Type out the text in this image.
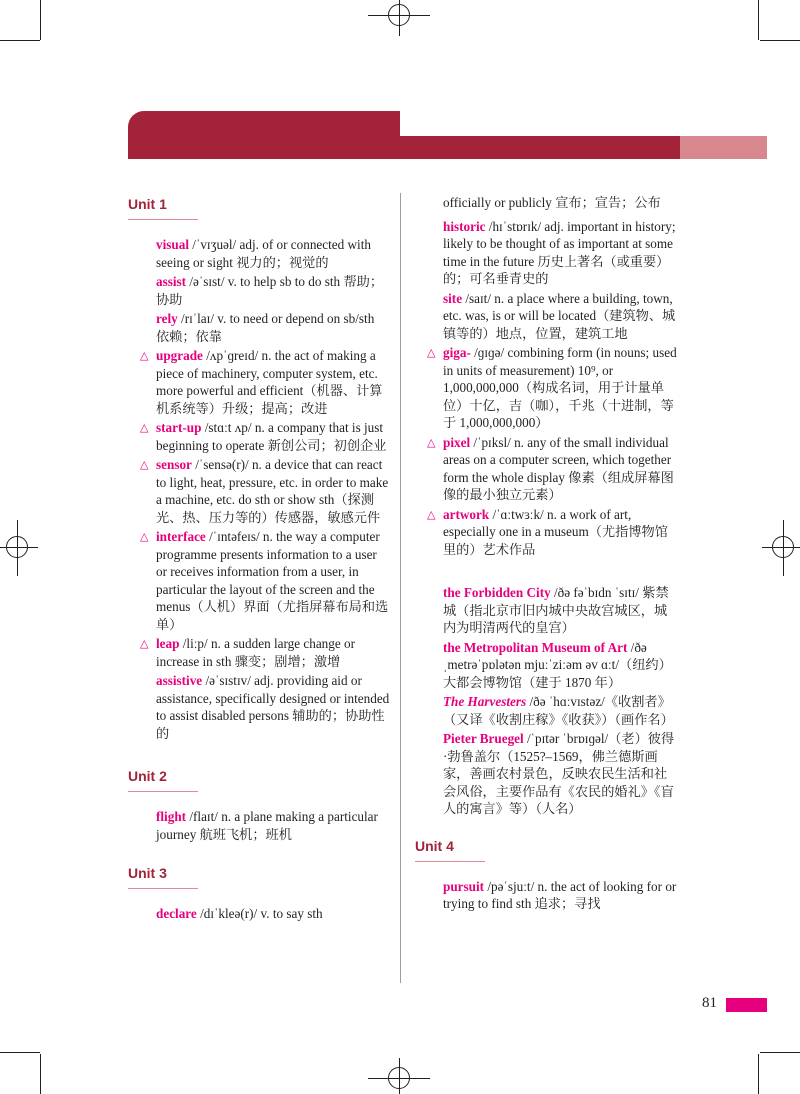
Unit 1
visual /ˈvɪʒuəl/ adj. of or connected with seeing or sight 视力的；视觉的
assist /əˈsɪst/ v. to help sb to do sth 帮助；协助
rely /rɪˈlaɪ/ v. to need or depend on sb/sth 依赖；依靠
△ upgrade /ʌpˈɡreɪd/ n. the act of making a piece of machinery, computer system, etc. more powerful and efficient（机器、计算机系统等）升级；提高；改进
△ start-up /stɑːt ʌp/ n. a company that is just beginning to operate 新创公司；初创企业
△ sensor /ˈsensə(r)/ n. a device that can react to light, heat, pressure, etc. in order to make a machine, etc. do sth or show sth（探测光、热、压力等的）传感器，敏感元件
△ interface /ˈɪntəfeɪs/ n. the way a computer programme presents information to a user or receives information from a user, in particular the layout of the screen and the menus（人机）界面（尤指屏幕布局和选单）
△ leap /liːp/ n. a sudden large change or increase in sth 骤变；剧增；激增
assistive /əˈsɪstɪv/ adj. providing aid or assistance, specifically designed or intended to assist disabled persons 辅助的；协助性的
Unit 2
flight /flaɪt/ n. a plane making a particular journey 航班飞机；班机
Unit 3
declare /dɪˈkleə(r)/ v. to say sth
officially or publicly 宣布；宣告；公布
historic /hɪˈstɒrɪk/ adj. important in history; likely to be thought of as important at some time in the future 历史上著名（或重要）的；可名垂青史的
site /saɪt/ n. a place where a building, town, etc. was, is or will be located（建筑物、城镇等的）地点，位置，建筑工地
△ giga- /ɡɪɡə/ combining form (in nouns; used in units of measurement) 10⁹, or 1,000,000,000（构成名词，用于计量单位）十亿，吉（咖），千兆（十进制，等于 1,000,000,000）
△ pixel /ˈpɪksl/ n. any of the small individual areas on a computer screen, which together form the whole display 像素（组成屏幕图像的最小独立元素）
△ artwork /ˈɑːtwɜːk/ n. a work of art, especially one in a museum（尤指博物馆里的）艺术作品
the Forbidden City /ðə fəˈbɪdn ˈsɪtɪ/ 紫禁城（指北京市旧内城中央故宫城区，城内为明清两代的皇宫）
the Metropolitan Museum of Art /ðə ˌmetrəˈpɒlətən mjuːˈziːəm əv ɑːt/（纽约）大都会博物馆（建于 1870 年）
The Harvesters /ðə ˈhɑːvɪstəz/《收割者》（又译《收割庄稼》《收获》）（画作名）
Pieter Bruegel /ˈpɪtər ˈbrɒɪɡəl/（老）彼得·勃鲁盖尔（1525?–1569，佛兰德斯画家，善画农村景色，反映农民生活和社会风俗，主要作品有《农民的婚礼》《盲人的寓言》等）（人名）
Unit 4
pursuit /pəˈsjuːt/ n. the act of looking for or trying to find sth 追求；寻找
81
